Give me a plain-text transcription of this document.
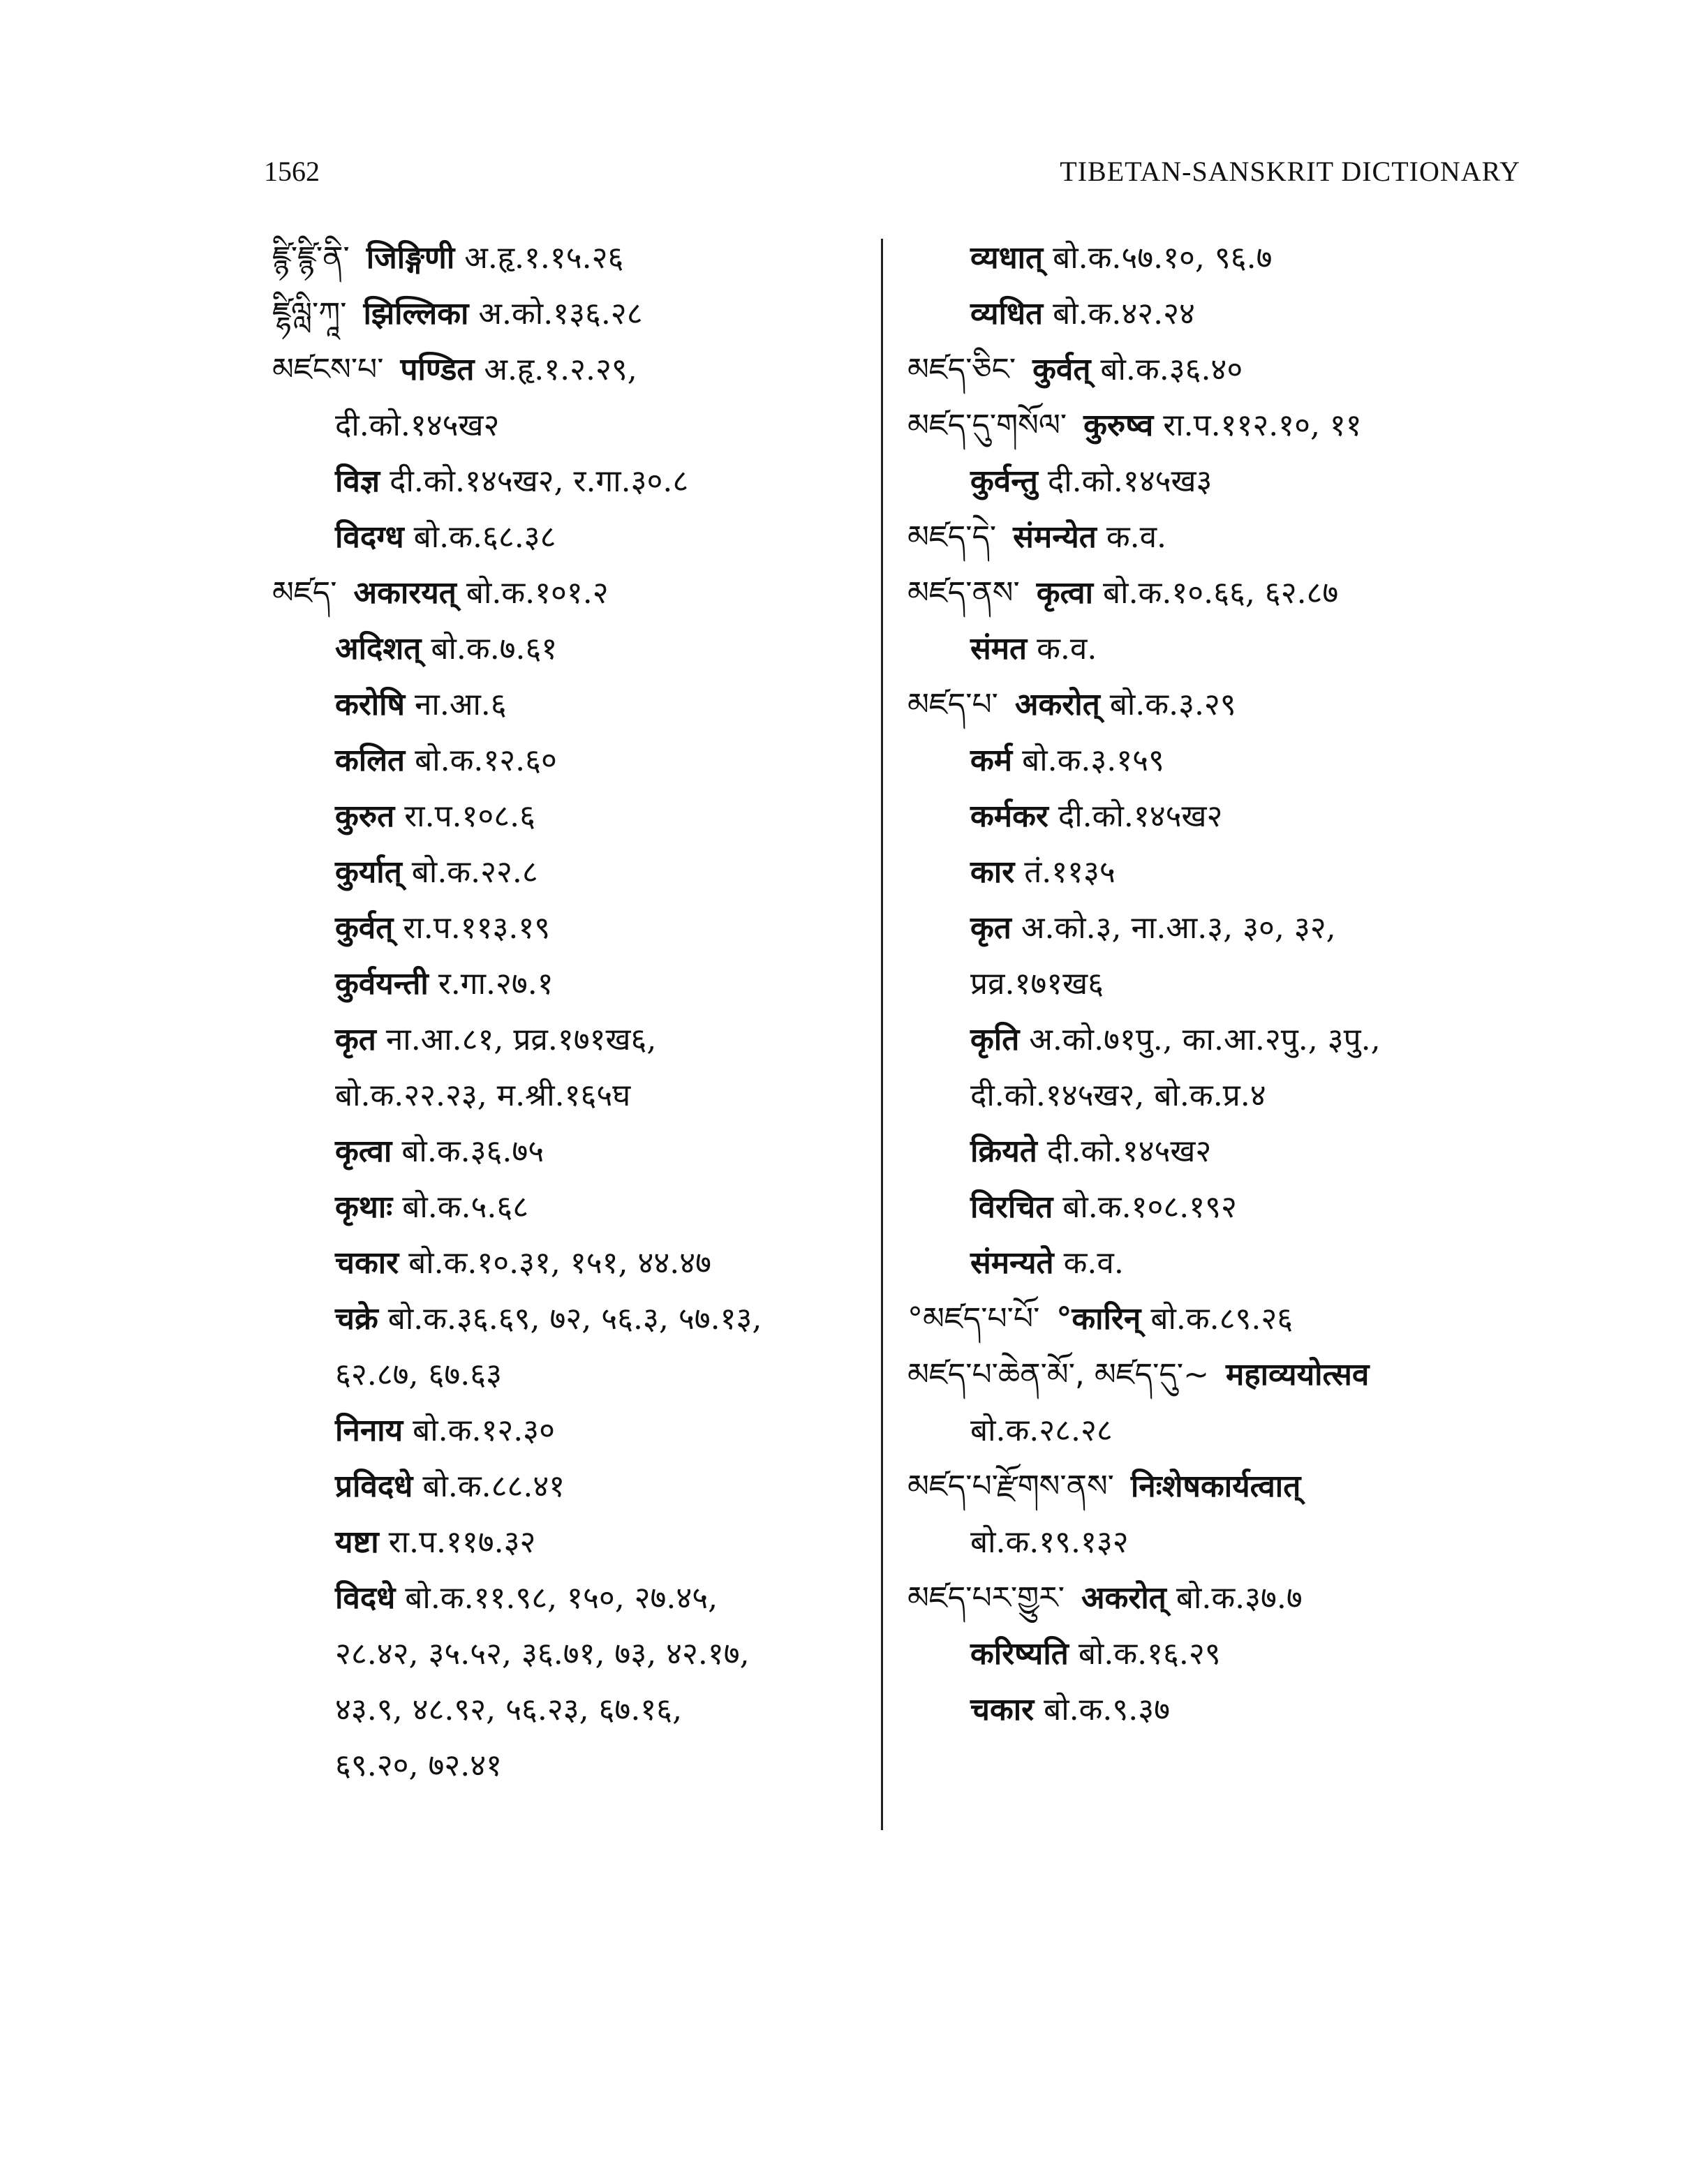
1562	TIBETAN-SANSKRIT DICTIONARY
ཛྙི་ཛྙི་ནི་ जिङ्गिणी अ.हृ.१.१५.२६
ཛྷིལླི་ཀཱ་ झिल्लिका अ.को.१३६.२८
མཛངས་པ་ पण्डित अ.हृ.१.२.२९,
दी.को.१४५ख२
विज्ञ दी.को.१४५ख२, र.गा.३०.८
विदग्ध बो.क.६८.३८
མཛད་ अकारयत् बो.क.१०१.२
अदिशत् बो.क.७.६१
करोषि ना.आ.६
कलित बो.क.१२.६०
कुरुत रा.प.१०८.६
कुर्यात् बो.क.२२.८
कुर्वत् रा.प.११३.१९
कुर्वयन्ती र.गा.२७.१
कृत ना.आ.८१, प्रव्र.१७१ख६,
बो.क.२२.२३, म.श्री.१६५घ
कृत्वा बो.क.३६.७५
कृथाः बो.क.५.६८
चकार बो.क.१०.३१, १५१, ४४.४७
चक्रे बो.क.३६.६९, ७२, ५६.३, ५७.१३,
६२.८७, ६७.६३
निनाय बो.क.१२.३०
प्रविदधे बो.क.८८.४१
यष्टा रा.प.११७.३२
विदधे बो.क.११.९८, १५०, २७.४५,
२८.४२, ३५.५२, ३६.७१, ७३, ४२.१७,
४३.९, ४८.९२, ५६.२३, ६७.१६,
६९.२०, ७२.४१
व्यधात् बो.क.५७.१०, ९६.७
व्यधित बो.क.४२.२४
མཛད་ཅིང་ कुर्वत् बो.क.३६.४०
མཛད་དུ་གསོལ་ कुरुष्व रा.प.११२.१०, ११
कुर्वन्तु दी.को.१४५ख३
མཛད་དེ་ संमन्येत क.व.
མཛད་ནས་ कृत्वा बो.क.१०.६६, ६२.८७
संमत क.व.
མཛད་པ་ अकरोत् बो.क.३.२९
कर्म बो.क.३.१५९
कर्मकर दी.को.१४५ख२
कार तं.११३५
कृत अ.को.३, ना.आ.३, ३०, ३२,
प्रव्र.१७१ख६
कृति अ.को.७१पु., का.आ.२पु., ३पु.,
दी.को.१४५ख२, बो.क.प्र.४
क्रियते दी.को.१४५ख२
विरचित बो.क.१०८.१९२
संमन्यते क.व.
°མཛད་པ་པོ་ °कारिन् बो.क.८९.२६
མཛད་པ་ཆེན་མོ་, མཛད་དུ་~ महाव्ययोत्सव
बो.क.२८.२८
མཛད་པ་རྫོགས་ནས་ निःशेषकार्यत्वात्
बो.क.१९.१३२
མཛད་པར་གྱུར་ अकरोत् बो.क.३७.७
करिष्यति बो.क.१६.२९
चकार बो.क.९.३७
